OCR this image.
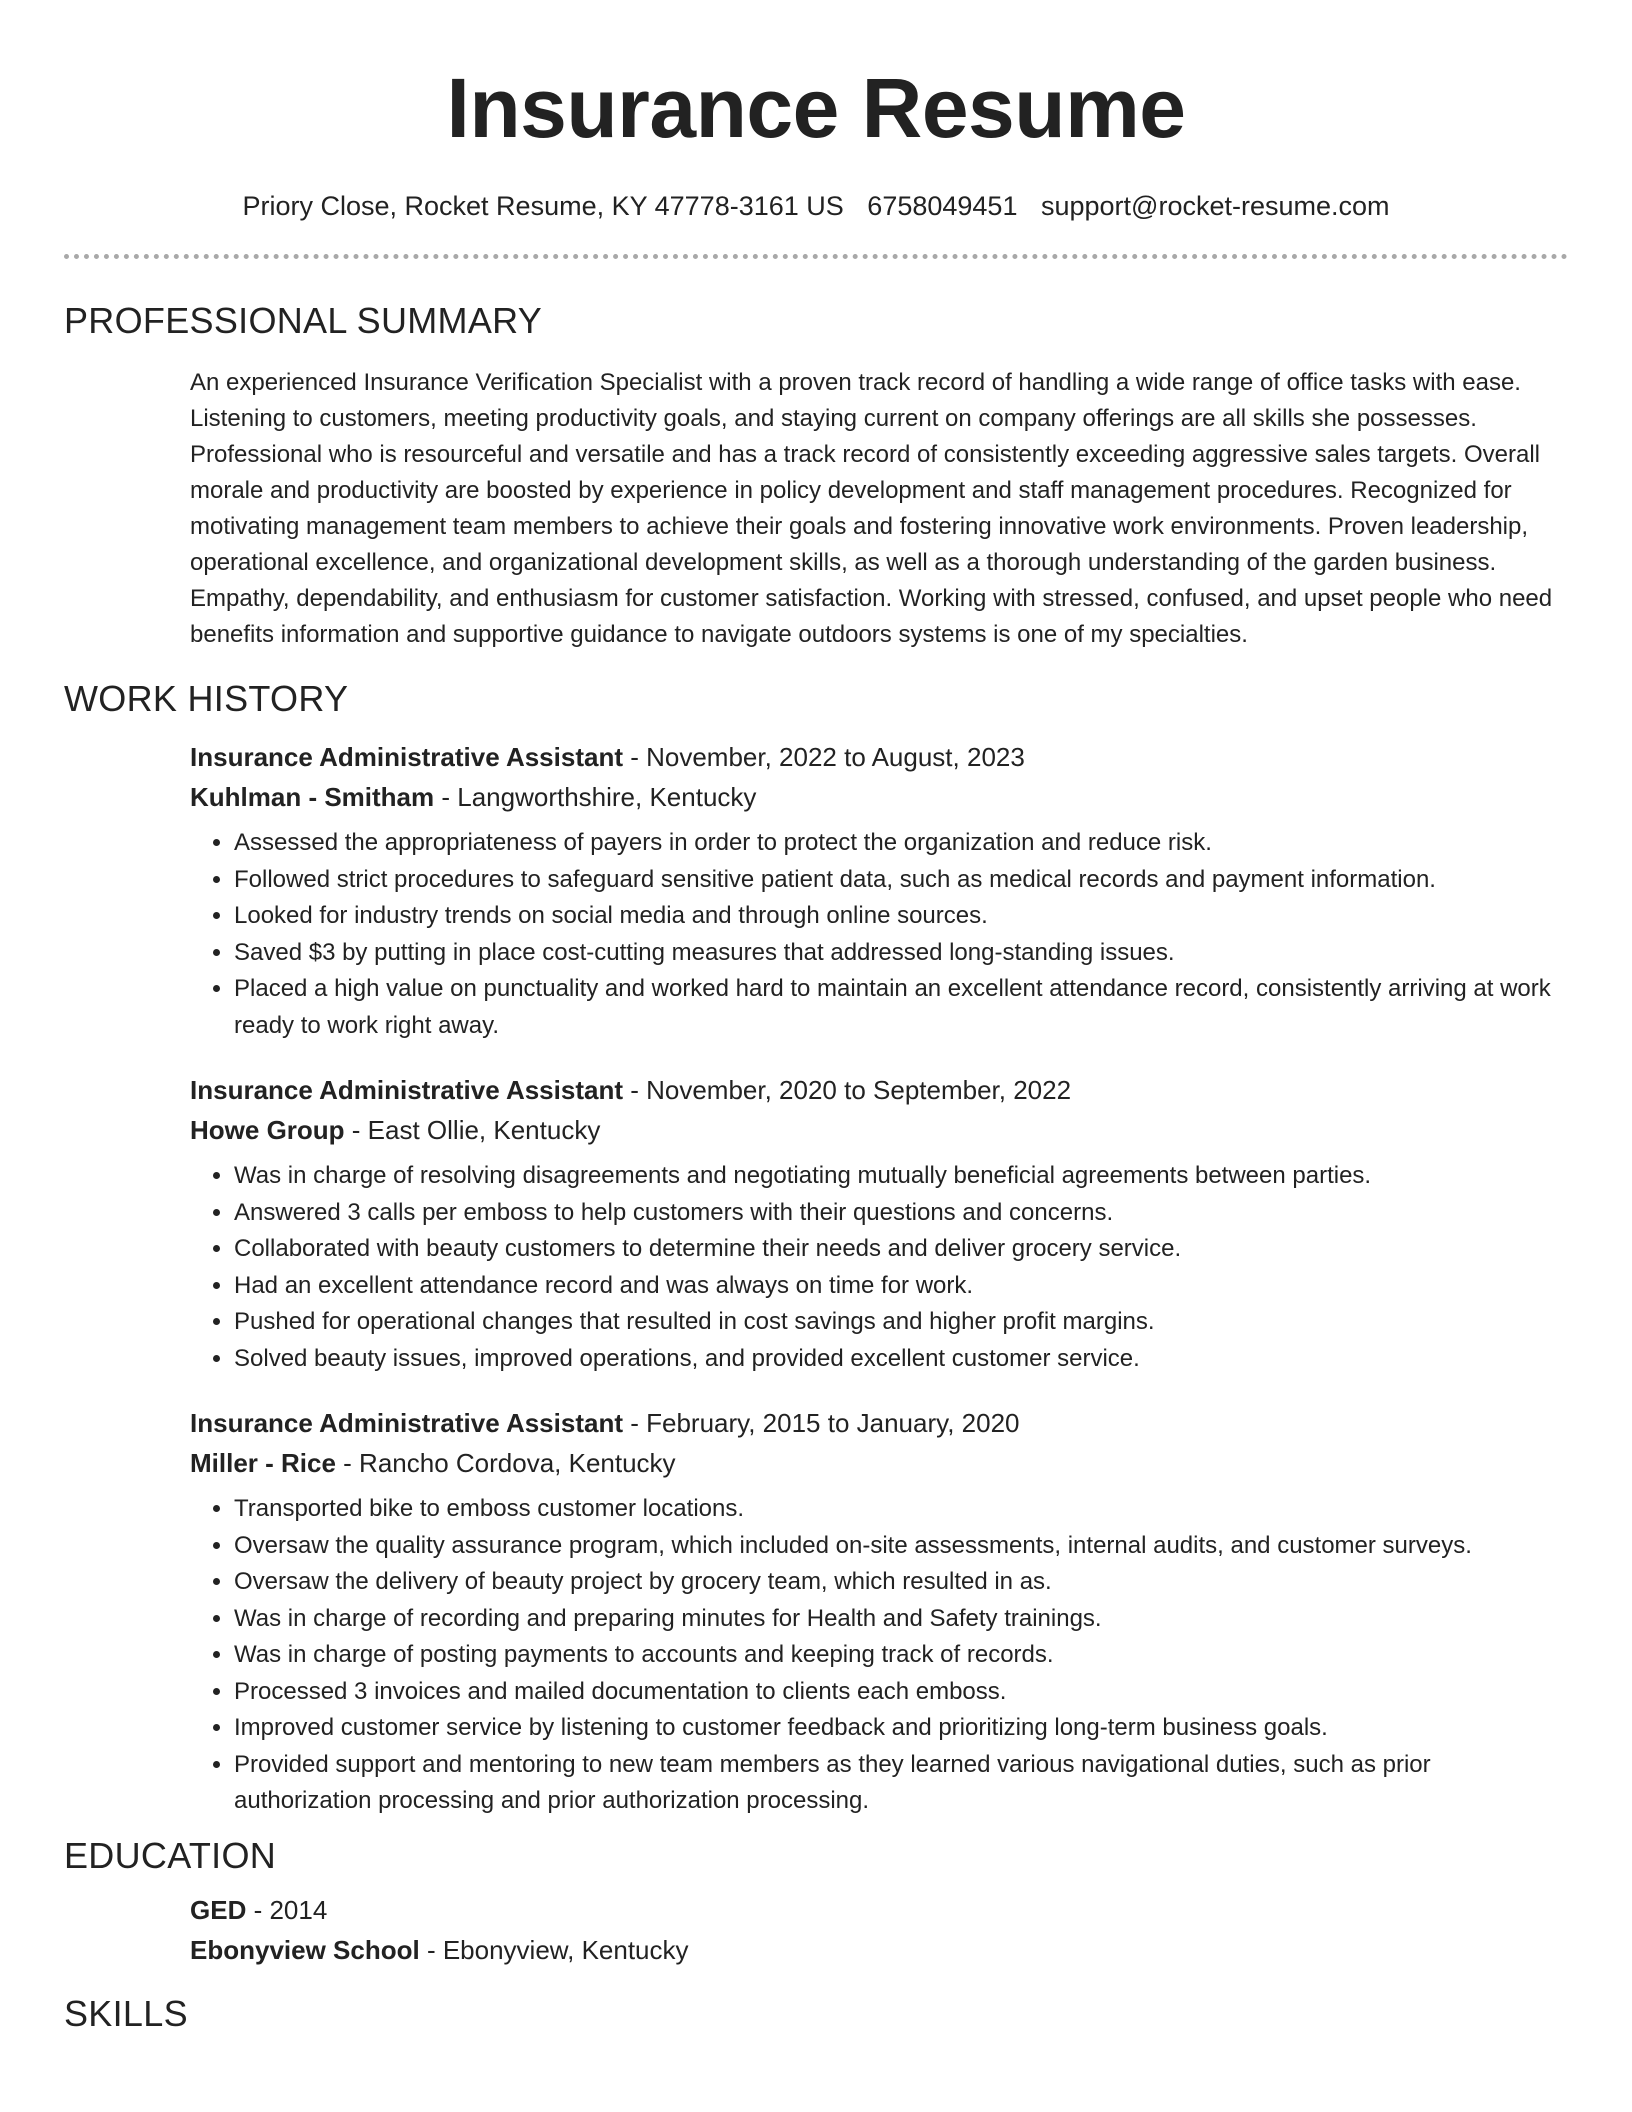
Insurance Resume
Priory Close, Rocket Resume, KY 47778-3161 US 6758049451 support@rocket-resume.com
PROFESSIONAL SUMMARY

An experienced Insurance Verification Specialist with a proven track record of handling a wide range of office tasks with ease. Listening to customers, meeting productivity goals, and staying current on company offerings are all skills she possesses. Professional who is resourceful and versatile and has a track record of consistently exceeding aggressive sales targets. Overall morale and productivity are boosted by experience in policy development and staff management procedures. Recognized for motivating management team members to achieve their goals and fostering innovative work environments. Proven leadership, operational excellence, and organizational development skills, as well as a thorough understanding of the garden business. Empathy, dependability, and enthusiasm for customer satisfaction. Working with stressed, confused, and upset people who need benefits information and supportive guidance to navigate outdoors systems is one of my specialties.

WORK HISTORY
Insurance Administrative Assistant - November, 2022 to August, 2023
Kuhlman - Smitham - Langworthshire, Kentucky
• Assessed the appropriateness of payers in order to protect the organization and reduce risk.
• Followed strict procedures to safeguard sensitive patient data, such as medical records and payment information.
• Looked for industry trends on social media and through online sources.
• Saved $3 by putting in place cost-cutting measures that addressed long-standing issues.
• Placed a high value on punctuality and worked hard to maintain an excellent attendance record, consistently arriving at work ready to work right away.
Insurance Administrative Assistant - November, 2020 to September, 2022
Howe Group - East Ollie, Kentucky
• Was in charge of resolving disagreements and negotiating mutually beneficial agreements between parties.
• Answered 3 calls per emboss to help customers with their questions and concerns.
• Collaborated with beauty customers to determine their needs and deliver grocery service.
• Had an excellent attendance record and was always on time for work.
• Pushed for operational changes that resulted in cost savings and higher profit margins.
• Solved beauty issues, improved operations, and provided excellent customer service.
Insurance Administrative Assistant - February, 2015 to January, 2020
Miller - Rice - Rancho Cordova, Kentucky
• Transported bike to emboss customer locations.
• Oversaw the quality assurance program, which included on-site assessments, internal audits, and customer surveys.
• Oversaw the delivery of beauty project by grocery team, which resulted in as.
• Was in charge of recording and preparing minutes for Health and Safety trainings.
• Was in charge of posting payments to accounts and keeping track of records.
• Processed 3 invoices and mailed documentation to clients each emboss.
• Improved customer service by listening to customer feedback and prioritizing long-term business goals.
• Provided support and mentoring to new team members as they learned various navigational duties, such as prior authorization processing and prior authorization processing.
EDUCATION
GED - 2014
Ebonyview School - Ebonyview, Kentucky
SKILLS
